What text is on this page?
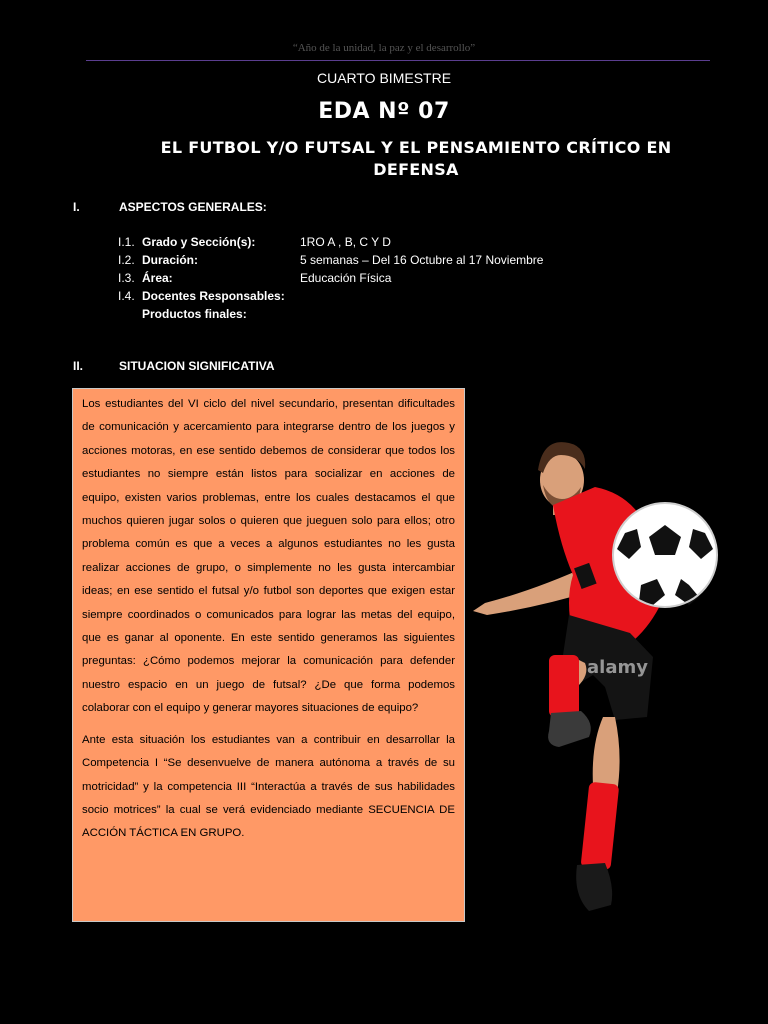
“Año de la unidad, la paz y el desarrollo”
CUARTO BIMESTRE
EDA Nº 07
EL FUTBOL Y/O FUTSAL Y EL PENSAMIENTO CRÍTICO EN DEFENSA
I.	ASPECTOS GENERALES:
I.1. Grado y Sección(s):	1RO A , B, C Y D
I.2. Duración:	5 semanas – Del 16 Octubre al 17 Noviembre
I.3. Área:	Educación Física
I.4. Docentes Responsables:
Productos finales:
II.	SITUACION SIGNIFICATIVA

Los estudiantes del VI ciclo del nivel secundario, presentan dificultades de comunicación y acercamiento para integrarse dentro de los juegos y acciones motoras, en ese sentido debemos de considerar que todos los estudiantes no siempre están listos para socializar en acciones de equipo, existen varios problemas, entre los cuales destacamos el que muchos quieren jugar solos o quieren que jueguen solo para ellos; otro problema común es que a veces a algunos estudiantes no les gusta realizar acciones de grupo, o simplemente no les gusta intercambiar ideas; en ese sentido el futsal y/o futbol son deportes que exigen estar siempre coordinados o comunicados para lograr las metas del equipo, que es ganar al oponente. En este sentido generamos las siguientes preguntas: ¿Cómo podemos mejorar la comunicación para defender nuestro espacio en un juego de futsal? ¿De que forma podemos colaborar con el equipo y generar mayores situaciones de equipo?

Ante esta situación los estudiantes van a contribuir en desarrollar la Competencia I “Se desenvuelve de manera autónoma a través de su motricidad” y la competencia III “Interactúa a través de sus habilidades socio motrices” la cual se verá evidenciado mediante SECUENCIA DE ACCIÓN TÁCTICA EN GRUPO.

alamy
